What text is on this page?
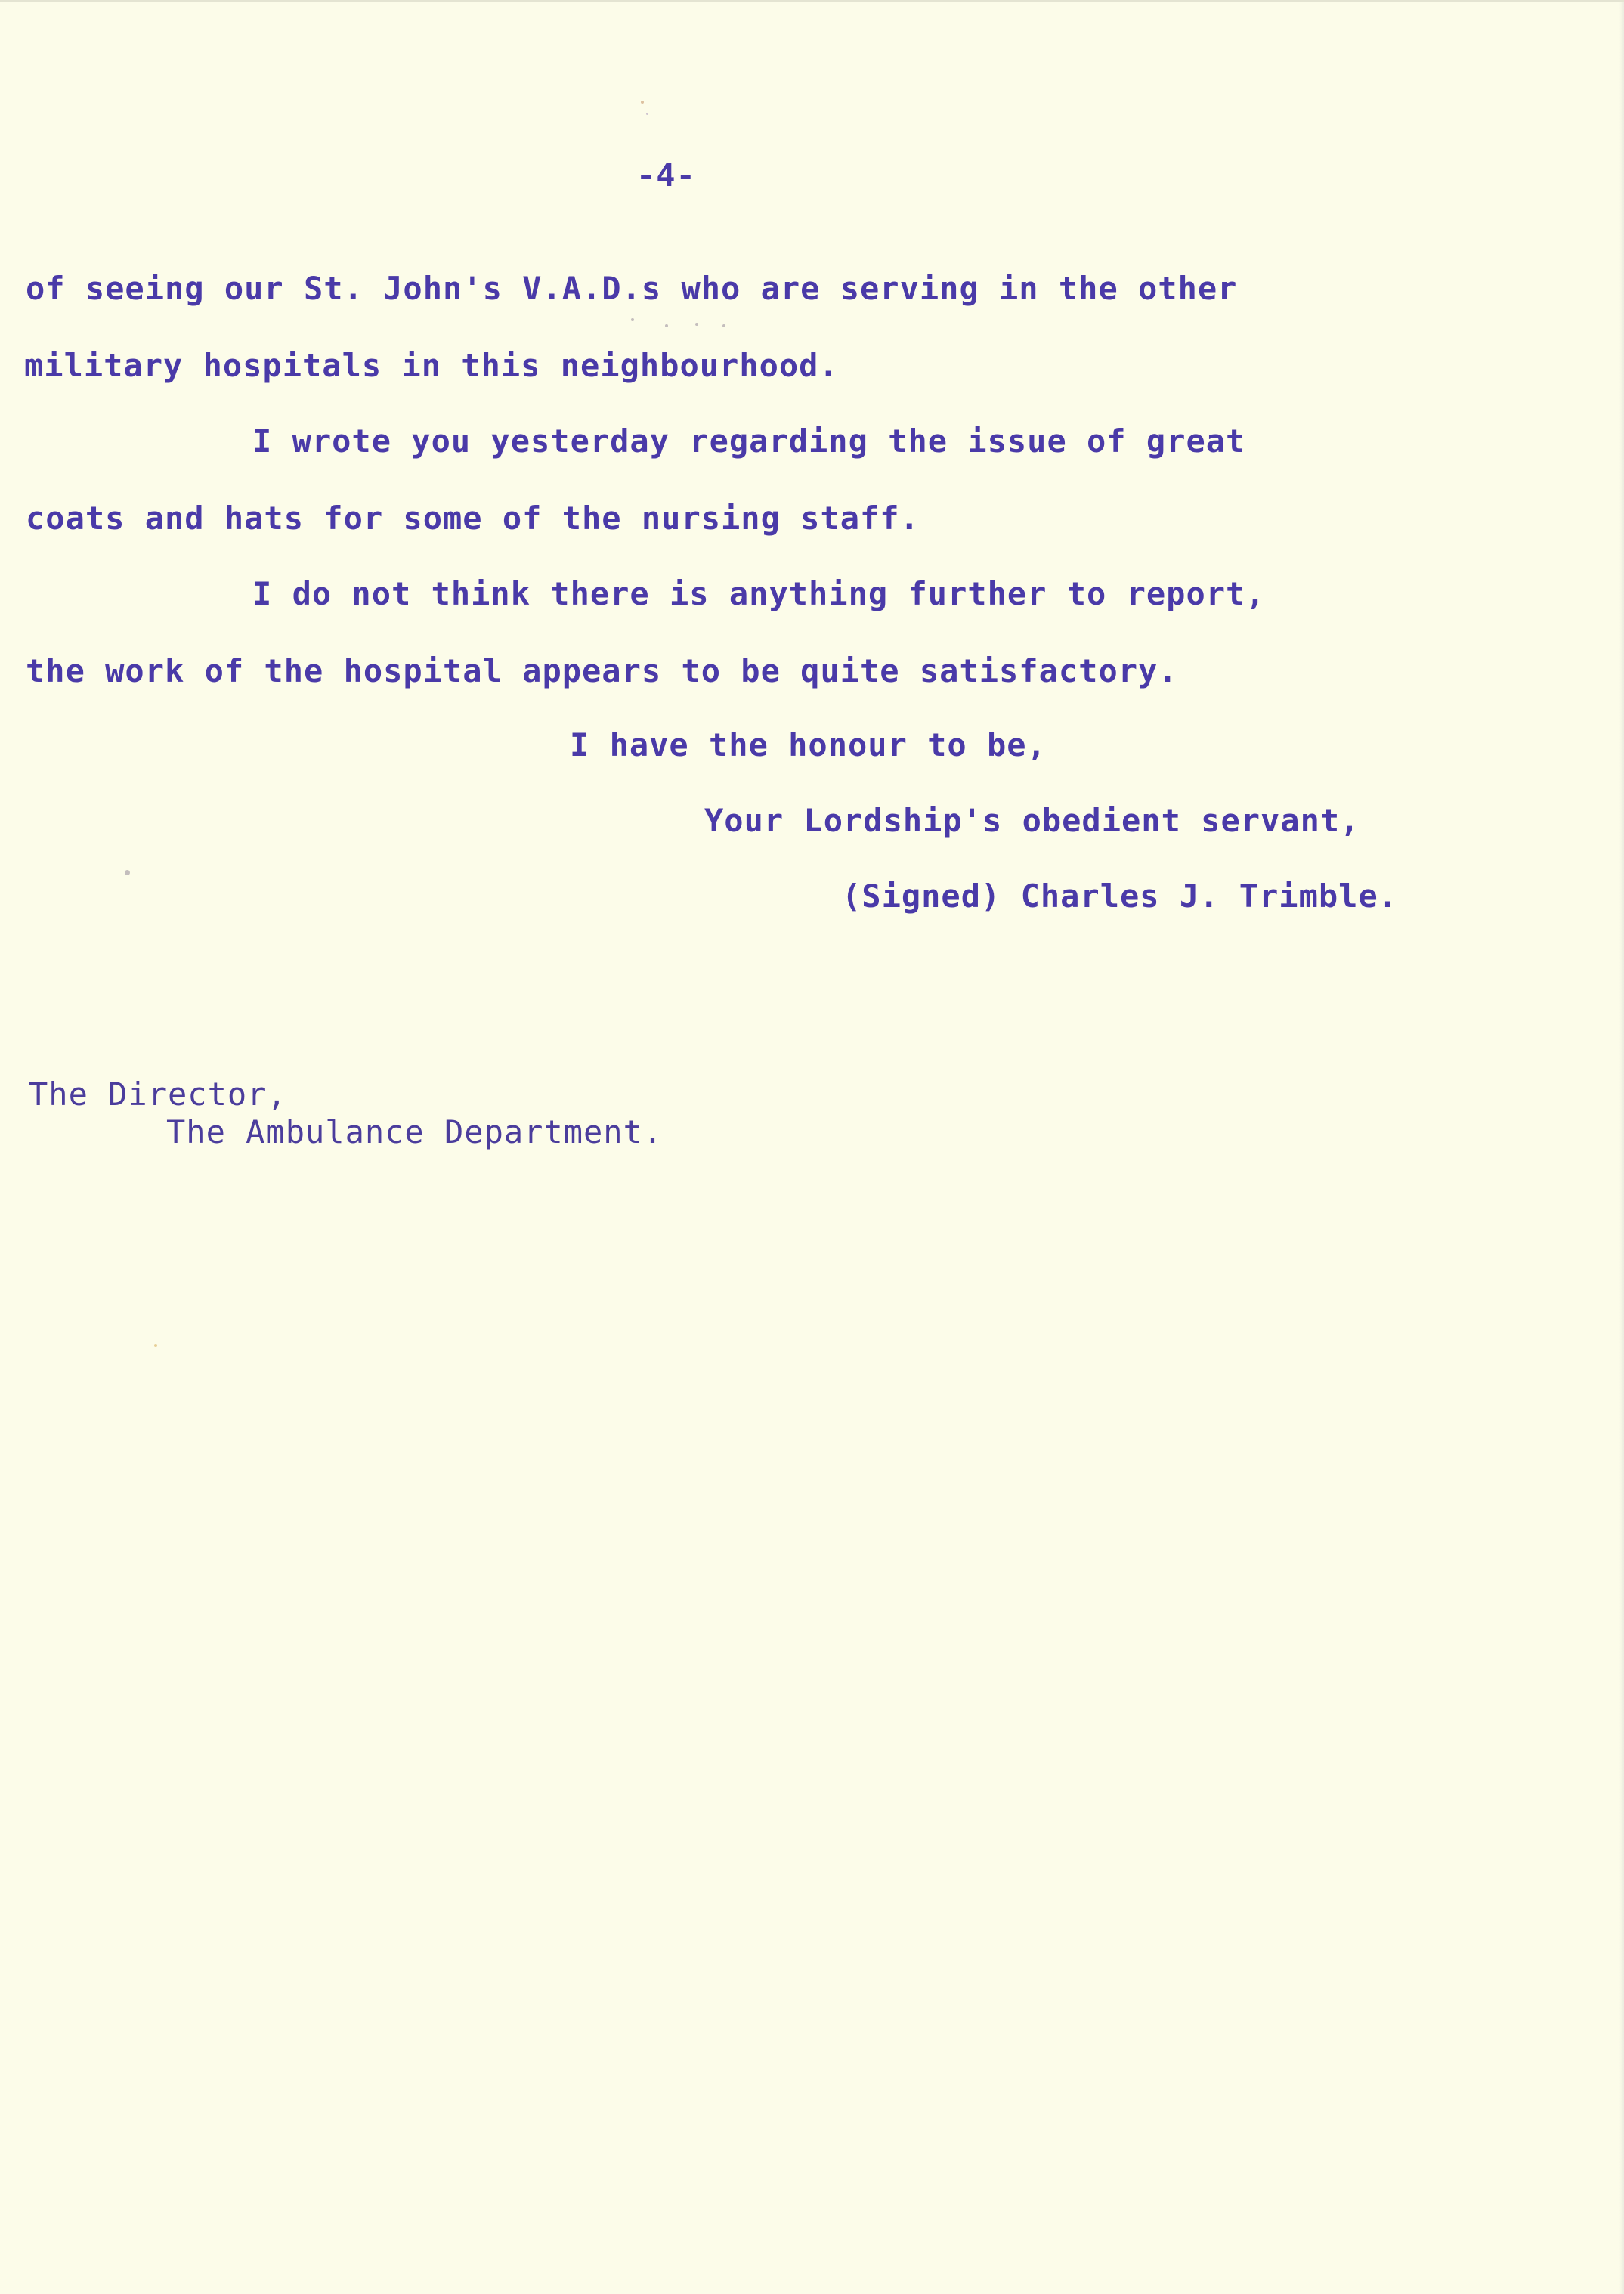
-4-
of seeing our St. John's V.A.D.s who are serving in the other
military hospitals in this neighbourhood.
I wrote you yesterday regarding the issue of great
coats and hats for some of the nursing staff.
I do not think there is anything further to report,
the work of the hospital appears to be quite satisfactory.
I have the honour to be,
Your Lordship's obedient servant,
(Signed) Charles J. Trimble.
The Director,
The Ambulance Department.
